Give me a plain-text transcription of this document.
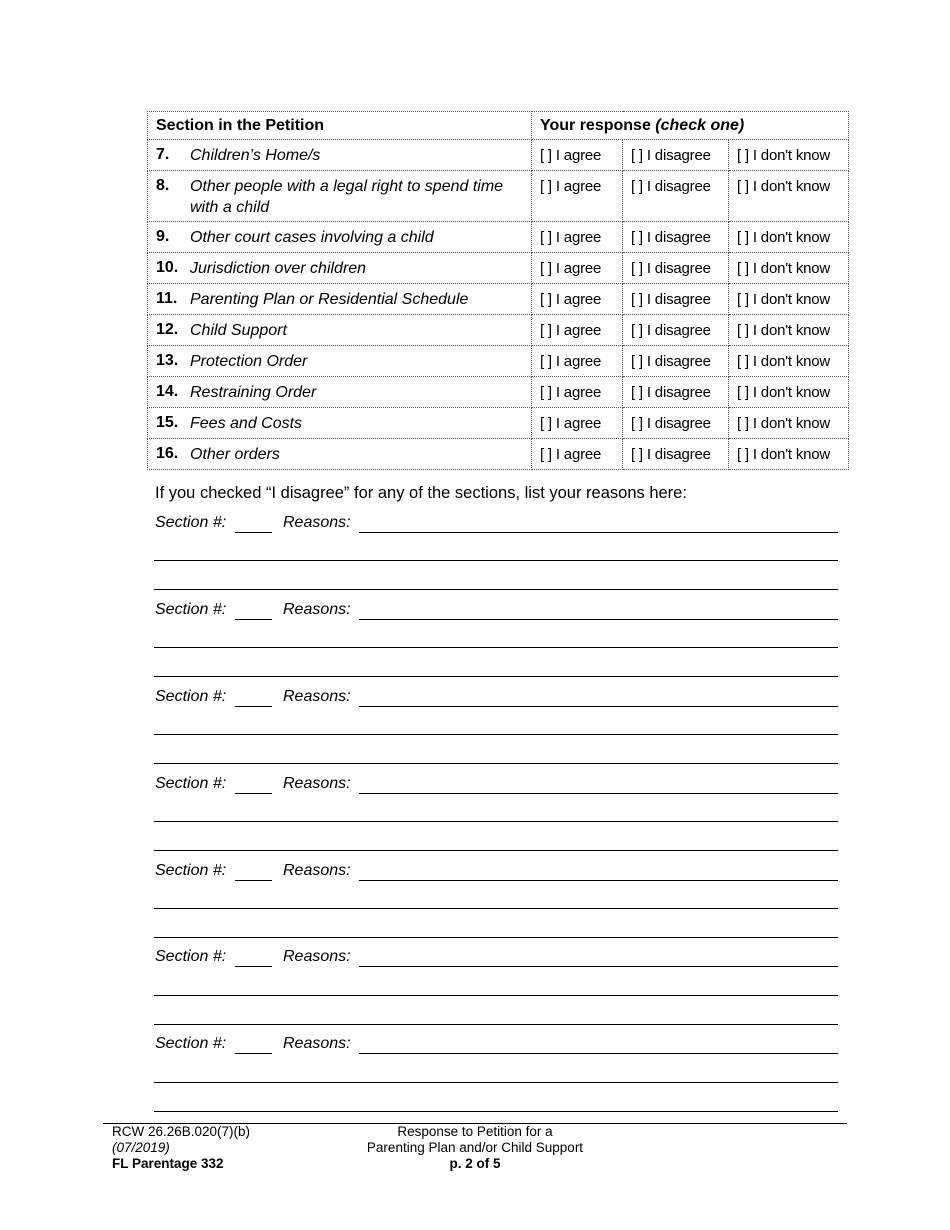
Section in the Petition	Your response (check one)		

7. Children’s Home/s	[ ] I agree	[ ] I disagree	[ ] I don't know

8. Other people with a legal right to spend time with a child	[ ] I agree	[ ] I disagree	[ ] I don't know

9. Other court cases involving a child	[ ] I agree	[ ] I disagree	[ ] I don't know

10. Jurisdiction over children	[ ] I agree	[ ] I disagree	[ ] I don't know

11. Parenting Plan or Residential Schedule	[ ] I agree	[ ] I disagree	[ ] I don't know

12. Child Support	[ ] I agree	[ ] I disagree	[ ] I don't know

13. Protection Order	[ ] I agree	[ ] I disagree	[ ] I don't know

14. Restraining Order	[ ] I agree	[ ] I disagree	[ ] I don't know

15. Fees and Costs	[ ] I agree	[ ] I disagree	[ ] I don't know

16. Other orders	[ ] I agree	[ ] I disagree	[ ] I don't know
If you checked “I disagree” for any of the sections, list your reasons here:
Section #:	Reasons:
Section #:	Reasons:
Section #:	Reasons:
Section #:	Reasons:
Section #:	Reasons:
Section #:	Reasons:
Section #:	Reasons:
RCW 26.26B.020(7)(b)
(07/2019)
FL Parentage 332
Response to Petition for a
Parenting Plan and/or Child Support
p. 2 of 5
